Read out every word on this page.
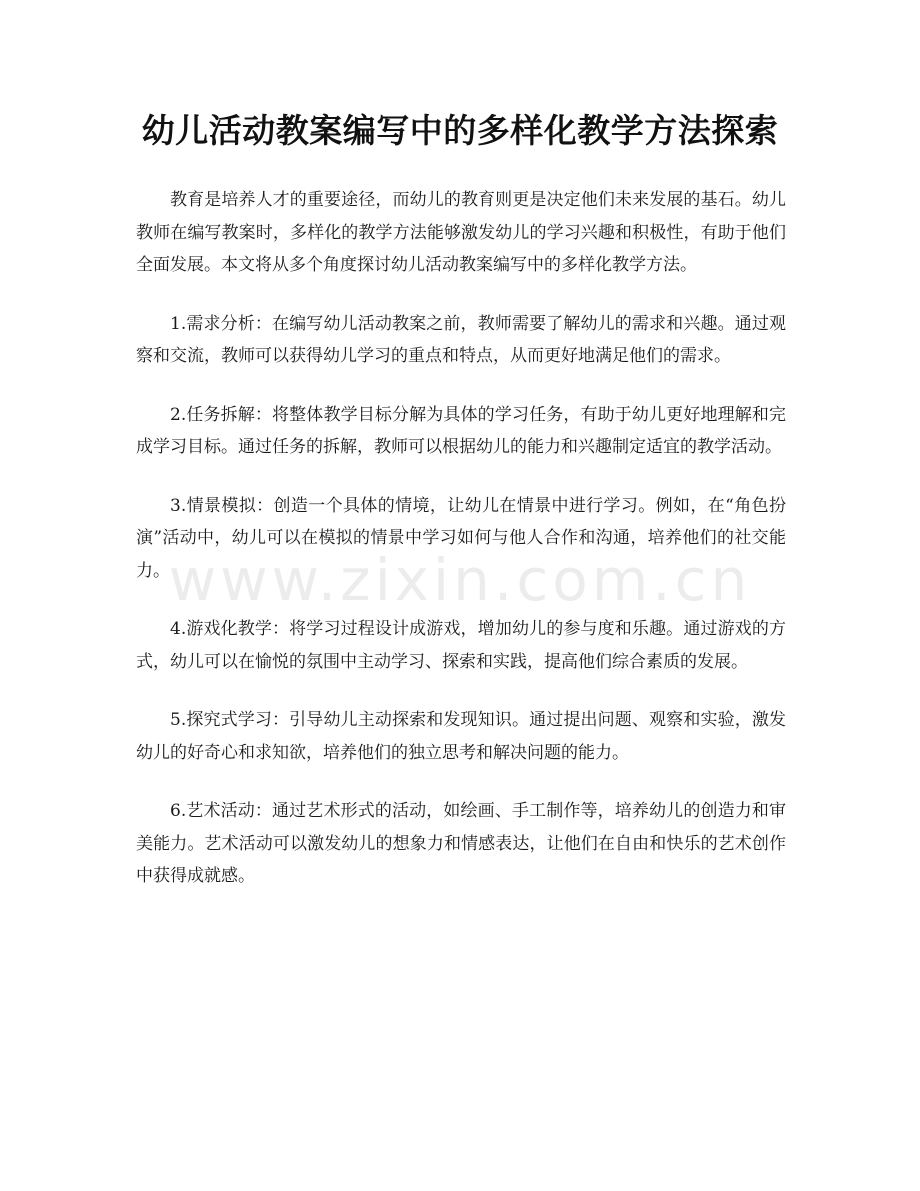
幼儿活动教案编写中的多样化教学方法探索
www.zixin.com.cn

教育是培养人才的重要途径，而幼儿的教育则更是决定他们未来发展的基石。幼儿教师在编写教案时，多样化的教学方法能够激发幼儿的学习兴趣和积极性，有助于他们全面发展。本文将从多个角度探讨幼儿活动教案编写中的多样化教学方法。

1.需求分析：在编写幼儿活动教案之前，教师需要了解幼儿的需求和兴趣。通过观察和交流，教师可以获得幼儿学习的重点和特点，从而更好地满足他们的需求。

2.任务拆解：将整体教学目标分解为具体的学习任务，有助于幼儿更好地理解和完成学习目标。通过任务的拆解，教师可以根据幼儿的能力和兴趣制定适宜的教学活动。

3.情景模拟：创造一个具体的情境，让幼儿在情景中进行学习。例如，在“角色扮演”活动中，幼儿可以在模拟的情景中学习如何与他人合作和沟通，培养他们的社交能力。

4.游戏化教学：将学习过程设计成游戏，增加幼儿的参与度和乐趣。通过游戏的方式，幼儿可以在愉悦的氛围中主动学习、探索和实践，提高他们综合素质的发展。

5.探究式学习：引导幼儿主动探索和发现知识。通过提出问题、观察和实验，激发幼儿的好奇心和求知欲，培养他们的独立思考和解决问题的能力。

6.艺术活动：通过艺术形式的活动，如绘画、手工制作等，培养幼儿的创造力和审美能力。艺术活动可以激发幼儿的想象力和情感表达，让他们在自由和快乐的艺术创作中获得成就感。
